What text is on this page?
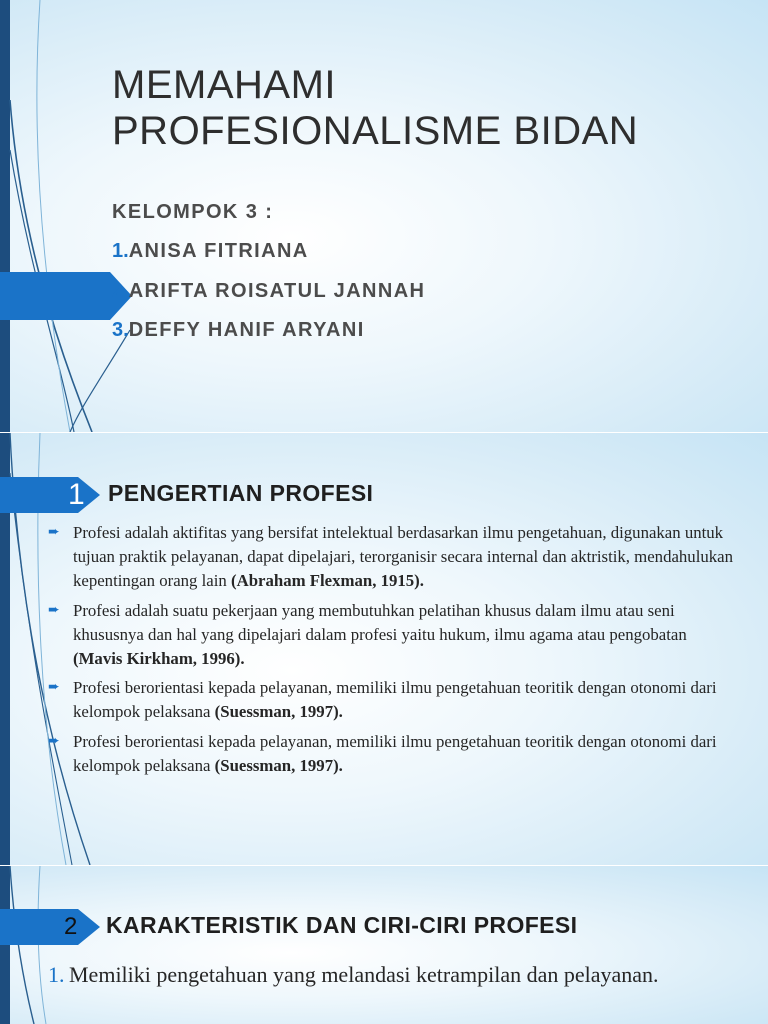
MEMAHAMI
PROFESIONALISME BIDAN
KELOMPOK 3 :
1.ANISA FITRIANA
2.ARIFTA ROISATUL JANNAH
3.DEFFY HANIF ARYANI
1 PENGERTIAN PROFESI
➨ Profesi adalah aktifitas yang bersifat intelektual berdasarkan ilmu pengetahuan, digunakan untuk tujuan praktik pelayanan, dapat dipelajari, terorganisir secara internal dan aktristik, mendahulukan kepentingan orang lain (Abraham Flexman, 1915).
➨ Profesi adalah suatu pekerjaan yang membutuhkan pelatihan khusus dalam ilmu atau seni khususnya dan hal yang dipelajari dalam profesi yaitu hukum, ilmu agama atau pengobatan (Mavis Kirkham, 1996).
➨ Profesi berorientasi kepada pelayanan, memiliki ilmu pengetahuan teoritik dengan otonomi dari kelompok pelaksana (Suessman, 1997).
➨ Profesi berorientasi kepada pelayanan, memiliki ilmu pengetahuan teoritik dengan otonomi dari kelompok pelaksana (Suessman, 1997).
2 KARAKTERISTIK DAN CIRI-CIRI PROFESI
1. Memiliki pengetahuan yang melandasi ketrampilan dan pelayanan.
